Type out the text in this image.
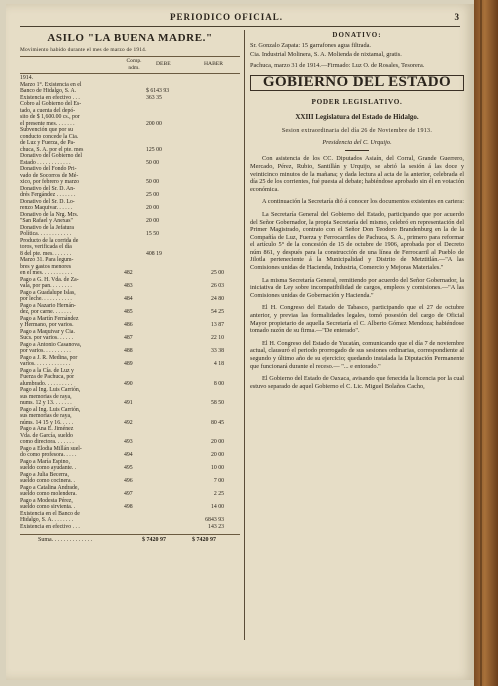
PERIODICO OFICIAL.	3
ASILO "LA BUENA MADRE."
Movimiento habido durante el mes de marzo de 1914.
Comp. ndm.
DEBE	HABER
1914.
Marzo 1°. Existencia en el
Banco de Hidalgo, S. A.	$ 6143 93
Existencia en efectivo . . .	363 35
Cobro al Gobierno del Es-
tado, a cuenta del depó-
sito de $ 1,600.00 cs., por
el presente mes. . . . . . .	200 00
Subvención que por su
conducto concede la Cia.
de Luz y Fuerza, de Pa-
chuca, S. A. por el pte. mes	125 00
Donativo del Gobierno del
Estado . . . . . . . . . . . .	50 00
Donativo del Fondo Pri-
vado de Socorros de Mé-
xico, por febrero y marzo	50 00
Donativo del Sr. D. An-
drés Fergández . . . . . . .	25 00
Donativo del Sr. D. Lo-
renzo Maquivar. . . . . .	20 00
Donativo de la Nrg. Mrs.
"San Rafael y Anexas"	20 00
Donativo de la Jefatura
Política. . . . . . . . . . . .	15 50
Producto de la corrida de
toros, verificada el día
8 del pte. mes. . . . . . .	408 19
Marzo 31. Para legum-
bres y gastos menores
en el mes. . . . . . . . . . .	482	25 00
Pago a G. H. Vda. de Za-
vala, por pan. . . . . . . .	483	26 03
Pago a Guadalupe Islas,
por leche. . . . . . . . . . .	484	24 80
Pago a Nazario Hernán-
dez, por carne. . . . . . .	485	54 25
Pago a Martín Fernández
y Hermano, por varios.	486	13 87
Pago a Maquivar y Cia.
Sucs. por varios. . . . . .	487	22 10
Pago a Antonio Casanova,
por varios. . . . . . . . . .	488	33 38
Pago a J. R. Medina, por
varios. . . . . . . . . . . . .	489	4 18
Pago a la Cía. de Luz y
Fuerza de Pachuca, por
alumbrado. . . . . . . . . .	490	8 00
Pago al Ing. Luis Carrión,
sus memorias de raya,
nums. 12 y 13. . . . . . .	491	58 50
Pago al Ing. Luis Carrión,
sus memorias de raya,
núms. 14 15 y 16. . . . .	492	80 45
Pago a Ana E. Jiménez
Vda. de García, sueldo
como directora. . . . . . .	493	20 00
Pago a Elodia Millán suel-
do como profesora. . . . .	494	20 00
Pago a María Espino,
sueldo como ayudante. .	495	10 00
Pago a Julia Becerra,
sueldo como cocinera. .	496	7 00
Pago a Catalina Andrade,
sueldo como molendera.	497	2 25
Pago a Modesta Pérez,
sueldo como sirvienta. .	498	14 00
Existencia en el Banco de
Hidalgo, S. A. . . . . . . .	6843 93
Existencia en efectivo . . .	143 23
Suma. . . . . . . . . . . . . .	$ 7420 97	$ 7420 97
DONATIVO:
Sr. Gonzalo Zapata: 15 garrafones agua filtrada.
Cia. Industrial Molinera, S. A. Molienda de nixtamal, gratis.
Pachuca, marzo 31 de 1914.—Firmado: Luz O. de Rosales, Tesorera.
GOBIERNO DEL ESTADO
PODER LEGISLATIVO.
XXIII Legislatura del Estado de Hidalgo.
Sesion extraordinaria del día 26 de Noviembre de 1913.
Presidencia del C. Urquijo.
Con asistencia de los CC. Diputados Asiaín, del Corral, Grande Guerrero, Mercado, Pérez, Rubio, Santillán y Urquijo, se abrió la sesión á las doce y veinticinco minutos de la mañana; y dada lectura al acta de la anterior, celebrada el día 25 de los corrientes, fué puesta al debate; habiéndose aprobado sin él en votación económica.
A continuación la Secretaría dió á conocer los documentos existentes en cartera:
La Secretaría General del Gobierno del Estado, participando que por acuerdo del Señor Gobernador, la propia Secretaría del mismo, celebró en representación del Primer Magistrado, contrato con el Señor Don Teodoro Brandenburg en la de la Compañía de Luz, Fuerza y Ferrocarriles de Pachuca, S. A., primero para reformar el artículo 5° de la concesión de 15 de octubre de 1906, aprobada por el Decreto núm 861, y después para la construcción de una línea de Ferrocarril al Pueblo de Jilotla perteneciente á la Municipalidad y Distrito de Metztitlán.—"A las Comisiones unidas de Hacienda, Industria, Comercio y Mejoras Materiales."
La misma Secretaría General, remitiendo por acuerdo del Señor Gobernador, la iniciativa de Ley sobre incompatibilidad de cargos, empleos y comisiones.—"A las Comisiones unidas de Gobernación y Hacienda."
El H. Congreso del Estado de Tabasco, participando que el 27 de octubre anterior, y previas las formalidades legales, tomó posesión del cargo de Oficial Mayor propietario de aquella Secretaría el C. Alberto Gómez Mendoza; habiéndose tomado razón de su firma.—"De enterado".
El H. Congreso del Estado de Yucatán, comunicando que el día 7 de noviembre actual, clausuró el periodo prorrogado de sus sesiones ordinarias, correspondiente al segundo y último año de su ejercicio; quedando instalada la Diputación Permanente que funcionará durante el receso.— "... e entorado."
El Gobierno del Estado de Oaxaca, avisando que fenecida la licencia por la cual estuvo separado de aquel Gobierno el C. Lic. Miguel Bolaños Cacho,
